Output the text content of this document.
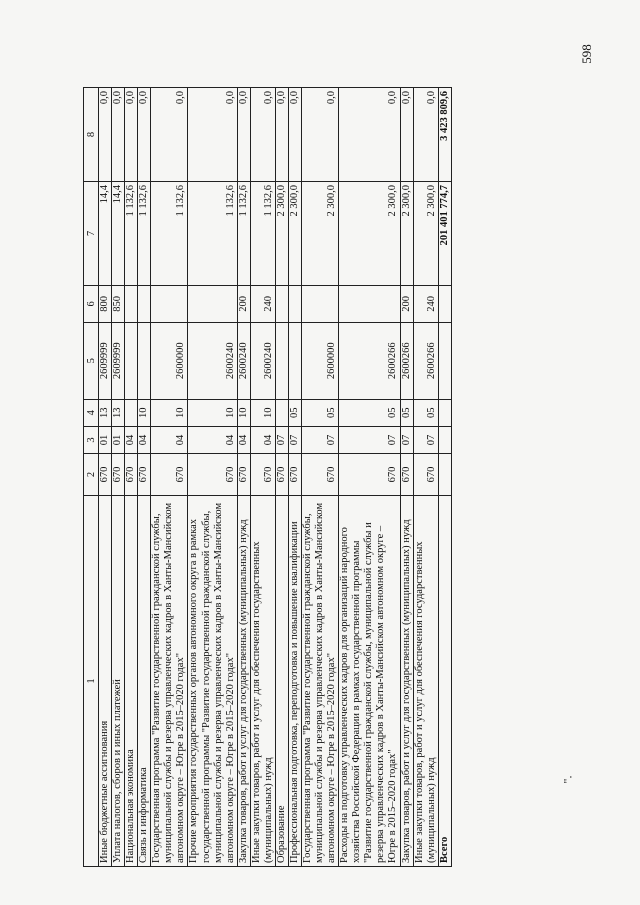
598
1	2	3	4	5	6	7	8
Иные бюджетные ассигнования	670	01	13	2609999	800	14,4	0,0
Уплата налогов, сборов и иных платежей	670	01	13	2609999	850	14,4	0,0
Национальная экономика	670	04				1 132,6	0,0
Связь и информатика	670	04	10			1 132,6	0,0
Государственная программа "Развитие государственной гражданской службы, муниципальной службы и резерва управленческих кадров в Ханты-Мансийском автономном округе – Югре в 2015–2020 годах"	670	04	10	2600000		1 132,6	0,0
Прочие мероприятия государственных органов автономного округа в рамках государственной программы "Развитие государственной гражданской службы, муниципальной службы и резерва управленческих кадров в Ханты-Мансийском автономном округе – Югре в 2015–2020 годах"	670	04	10	2600240		1 132,6	0,0
Закупка товаров, работ и услуг для государственных (муниципальных) нужд	670	04	10	2600240	200	1 132,6	0,0
Иные закупки товаров, работ и услуг для обеспечения государственных (муниципальных) нужд	670	04	10	2600240	240	1 132,6	0,0
Образование	670	07				2 300,0	0,0
Профессиональная подготовка, переподготовка и повышение квалификации	670	07	05			2 300,0	0,0
Государственная программа "Развитие государственной гражданской службы, муниципальной службы и резерва управленческих кадров в Ханты-Мансийском автономном округе – Югре в 2015–2020 годах"	670	07	05	2600000		2 300,0	0,0
Расходы на подготовку управленческих кадров для организаций народного хозяйства Российской Федерации в рамках государственной программы "Развитие государственной гражданской службы, муниципальной службы и резерва управленческих кадров в Ханты-Мансийском автономном округе – Югре в 2015–2020 годах"	670	07	05	2600266		2 300,0	0,0
Закупка товаров, работ и услуг для государственных (муниципальных) нужд	670	07	05	2600266	200	2 300,0	0,0
Иные закупки товаров, работ и услуг для обеспечения государственных (муниципальных) нужд	670	07	05	2600266	240	2 300,0	0,0
Всего						201 401 774,7	3 423 809,6
".
